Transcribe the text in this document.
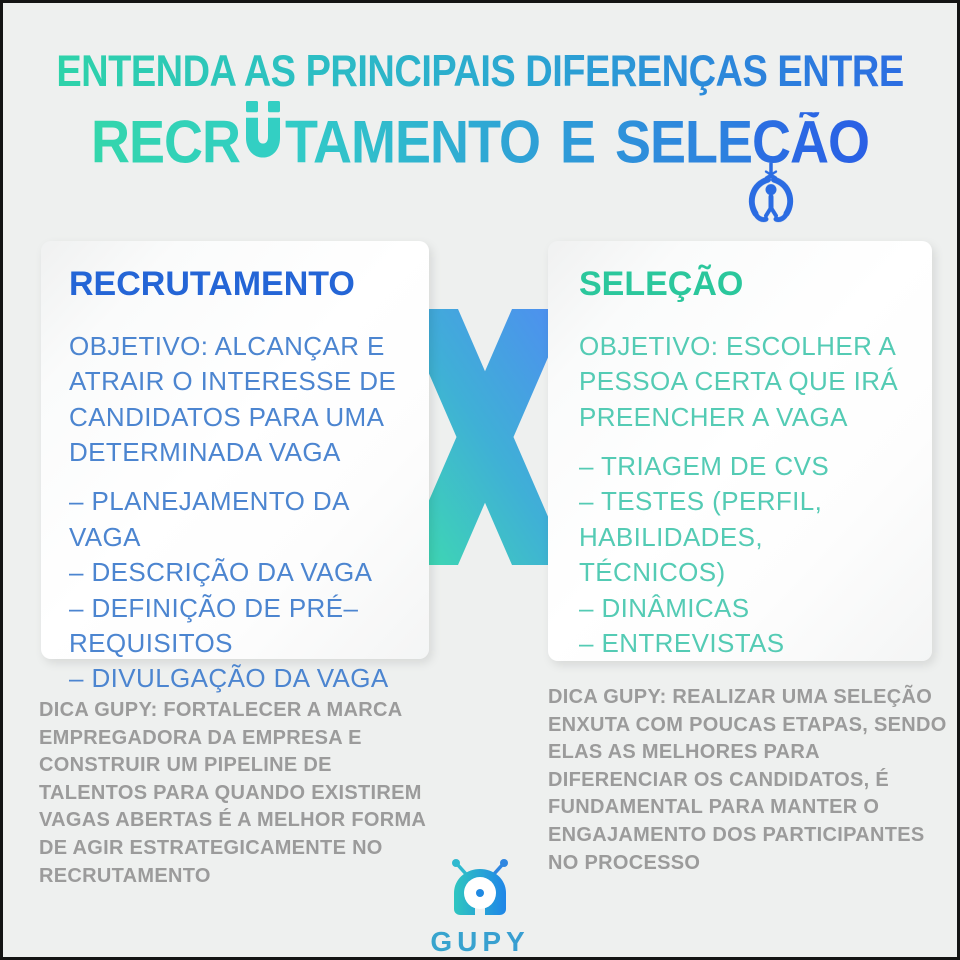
ENTENDA AS PRINCIPAIS DIFERENÇAS ENTRE
RECR TAMENTO E SELE C ÃO
RECRUTAMENTO

OBJETIVO: ALCANÇAR E ATRAIR O INTERESSE DE CANDIDATOS PARA UMA DETERMINADA VAGA

– PLANEJAMENTO DA VAGA
– DESCRIÇÃO DA VAGA
– DEFINIÇÃO DE PRÉ–REQUISITOS
– DIVULGAÇÃO DA VAGA
SELEÇÃO

OBJETIVO: ESCOLHER A PESSOA CERTA QUE IRÁ PREENCHER A VAGA

– TRIAGEM DE CVS
– TESTES (PERFIL, HABILIDADES, TÉCNICOS)
– DINÂMICAS
– ENTREVISTAS

DICA GUPY: FORTALECER A MARCA EMPREGADORA DA EMPRESA E CONSTRUIR UM PIPELINE DE TALENTOS PARA QUANDO EXISTIREM VAGAS ABERTAS É A MELHOR FORMA DE AGIR ESTRATEGICAMENTE NO RECRUTAMENTO

DICA GUPY: REALIZAR UMA SELEÇÃO ENXUTA COM POUCAS ETAPAS, SENDO ELAS AS MELHORES PARA DIFERENCIAR OS CANDIDATOS, É FUNDAMENTAL PARA MANTER O ENGAJAMENTO DOS PARTICIPANTES NO PROCESSO

GUPY
